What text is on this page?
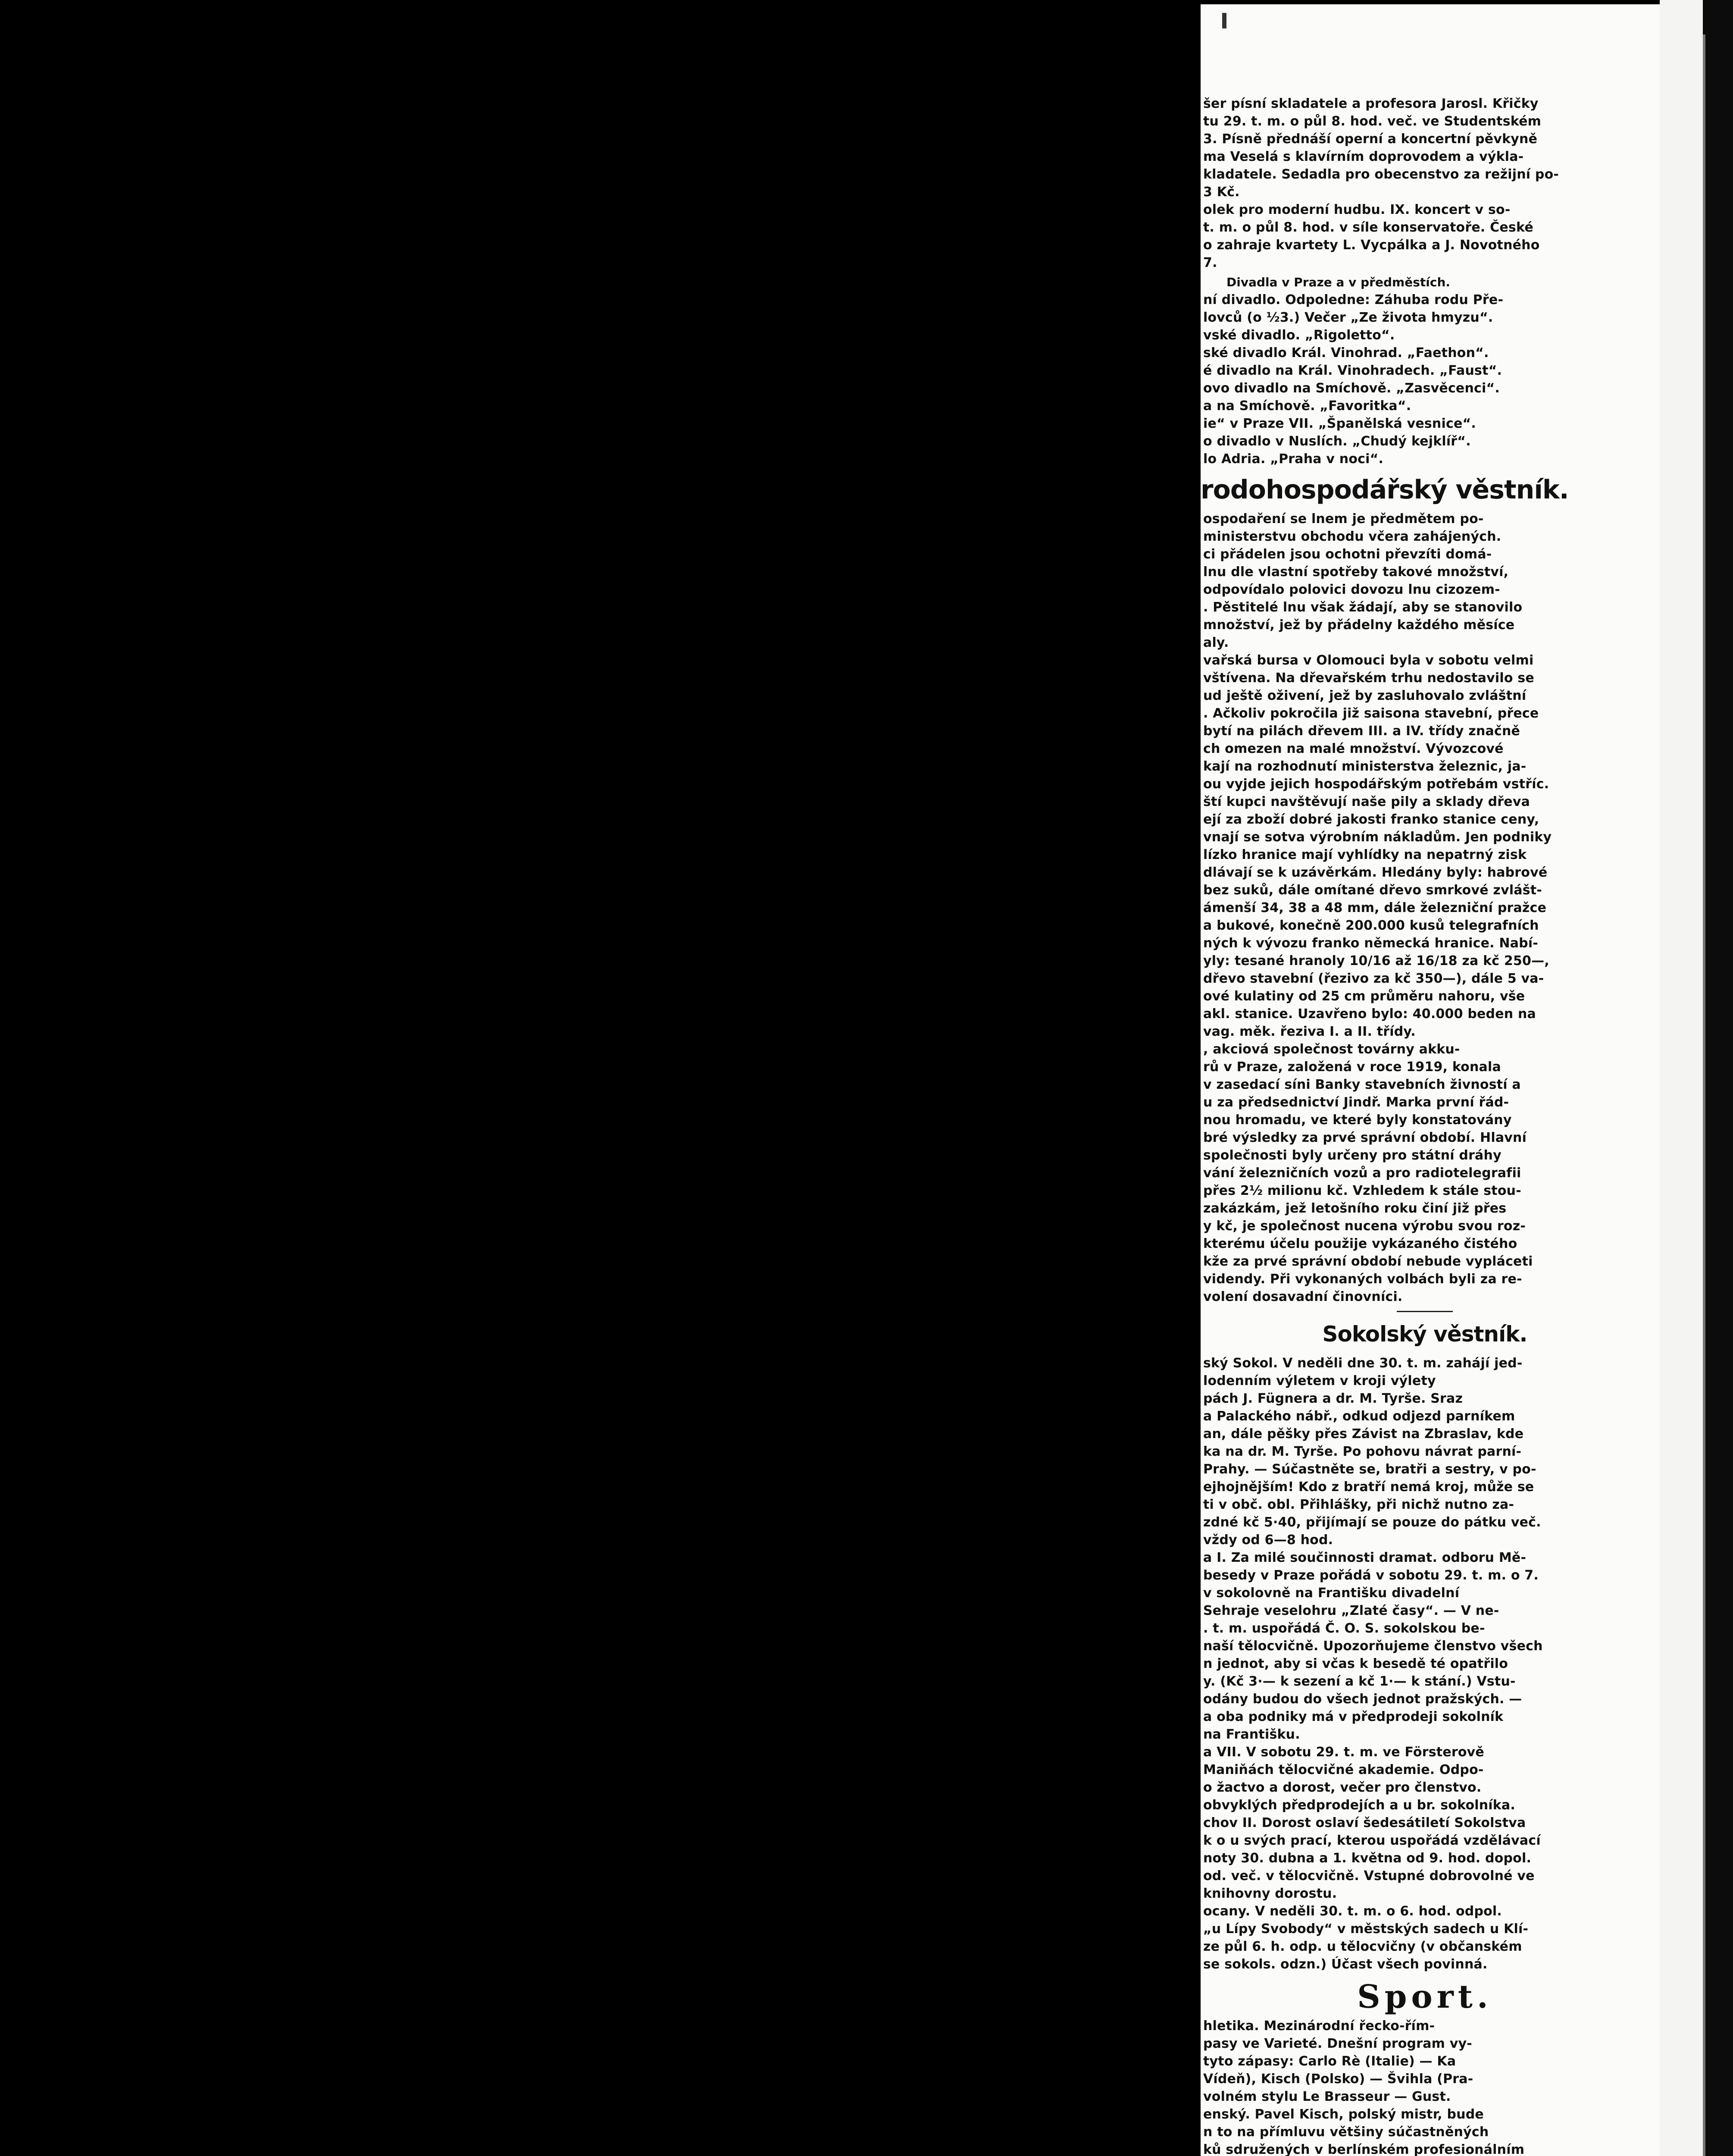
šer písní skladatele a profesora Jarosl. Křičky

tu 29. t. m. o půl 8. hod. več. ve Studentském

3. Písně přednáší operní a koncertní pěvkyně

ma Veselá s klavírním doprovodem a výkla-

kladatele. Sedadla pro obecenstvo za režijní po-

3 Kč.

olek pro moderní hudbu. IX. koncert v so-

t. m. o půl 8. hod. v síle konservatoře. České

o zahraje kvartety L. Vycpálka a J. Novotného

7.

Divadla v Praze a v předměstích.

ní divadlo. Odpoledne: Záhuba rodu Pře-

lovců (o ½3.) Večer „Ze života hmyzu“.

vské divadlo. „Rigoletto“.

ské divadlo Král. Vinohrad. „Faethon“.

é divadlo na Král. Vinohradech. „Faust“.

ovo divadlo na Smíchově. „Zasvěcenci“.

a na Smíchově. „Favoritka“.

ie“ v Praze VII. „Španělská vesnice“.

o divadlo v Nuslích. „Chudý kejklíř“.

lo Adria. „Praha v noci“.

rodohospodářský věstník.

ospodaření se lnem je předmětem po-

ministerstvu obchodu včera zahájených.

ci přádelen jsou ochotni převzíti domá-

lnu dle vlastní spotřeby takové množství,

odpovídalo polovici dovozu lnu cizozem-

. Pěstitelé lnu však žádají, aby se stanovilo

množství, jež by přádelny každého měsíce

aly.

vařská bursa v Olomouci byla v sobotu velmi

vštívena. Na dřevařském trhu nedostavilo se

ud ještě oživení, jež by zasluhovalo zvláštní

. Ačkoliv pokročila již saisona stavební, přece

bytí na pilách dřevem III. a IV. třídy značně

ch omezen na malé množství. Vývozcové

kají na rozhodnutí ministerstva železnic, ja-

ou vyjde jejich hospodářským potřebám vstříc.

ští kupci navštěvují naše pily a sklady dřeva

ejí za zboží dobré jakosti franko stanice ceny,

vnají se sotva výrobním nákladům. Jen podniky

lízko hranice mají vyhlídky na nepatrný zisk

dlávají se k uzávěrkám. Hledány byly: habrové

bez suků, dále omítané dřevo smrkové zvlášt-

ámenší 34, 38 a 48 mm, dále železniční pražce

a bukové, konečně 200.000 kusů telegrafních

ných k vývozu franko německá hranice. Nabí-

yly: tesané hranoly 10/16 až 16/18 za kč 250—,

dřevo stavební (řezivo za kč 350—), dále 5 va-

ové kulatiny od 25 cm průměru nahoru, vše

akl. stanice. Uzavřeno bylo: 40.000 beden na

vag. měk. řeziva I. a II. třídy.

, akciová společnost továrny akku-

rů v Praze, založená v roce 1919, konala

v zasedací síni Banky stavebních živností a

u za předsednictví Jindř. Marka první řád-

nou hromadu, ve které byly konstatovány

bré výsledky za prvé správní období. Hlavní

společnosti byly určeny pro státní dráhy

vání železničních vozů a pro radiotelegrafii

přes 2½ milionu kč. Vzhledem k stále stou-

zakázkám, jež letošního roku činí již přes

y kč, je společnost nucena výrobu svou roz-

kterému účelu použije vykázaného čistého

kže za prvé správní období nebude vypláceti

videndy. Při vykonaných volbách byli za re-

volení dosavadní činovníci.

Sokolský věstník.

ský Sokol. V neděli dne 30. t. m. zahájí jed-

lodenním výletem v kroji výlety

pách J. Fügnera a dr. M. Tyrše. Sraz

a Palackého nábř., odkud odjezd parníkem

an, dále pěšky přes Závist na Zbraslav, kde

ka na dr. M. Tyrše. Po pohovu návrat parní-

Prahy. — Súčastněte se, bratři a sestry, v po-

ejhojnějším! Kdo z bratří nemá kroj, může se

ti v obč. obl. Přihlášky, při nichž nutno za-

zdné kč 5·40, přijímají se pouze do pátku več.

vždy od 6—8 hod.

a I. Za milé součinnosti dramat. odboru Mě-

besedy v Praze pořádá v sobotu 29. t. m. o 7.

v sokolovně na Františku divadelní

Sehraje veselohru „Zlaté časy“. — V ne-

. t. m. uspořádá Č. O. S. sokolskou be-

naší tělocvičně. Upozorňujeme členstvo všech

n jednot, aby si včas k besedě té opatřilo

y. (Kč 3·— k sezení a kč 1·— k stání.) Vstu-

odány budou do všech jednot pražských. —

a oba podniky má v předprodeji sokolník

na Františku.

a VII. V sobotu 29. t. m. ve Försterově

Maniňách tělocvičné akademie. Odpo-

o žactvo a dorost, večer pro členstvo.

obvyklých předprodejích a u br. sokolníka.

chov II. Dorost oslaví šedesátiletí Sokolstva

k o u svých prací, kterou uspořádá vzdělávací

noty 30. dubna a 1. května od 9. hod. dopol.

od. več. v tělocvičně. Vstupné dobrovolné ve

knihovny dorostu.

ocany. V neděli 30. t. m. o 6. hod. odpol.

„u Lípy Svobody“ v městských sadech u Klí-

ze půl 6. h. odp. u tělocvičny (v občanském

se sokols. odzn.) Účast všech povinná.

Sport.

hletika. Mezinárodní řecko-řím-

pasy ve Varieté. Dnešní program vy-

tyto zápasy: Carlo Rè (Italie) — Ka

Vídeň), Kisch (Polsko) — Švihla (Pra-

volném stylu Le Brasseur — Gust.

enský. Pavel Kisch, polský mistr, bude

n to na přímluvu většiny súčastněných

ků sdružených v berlínském profesionálním
